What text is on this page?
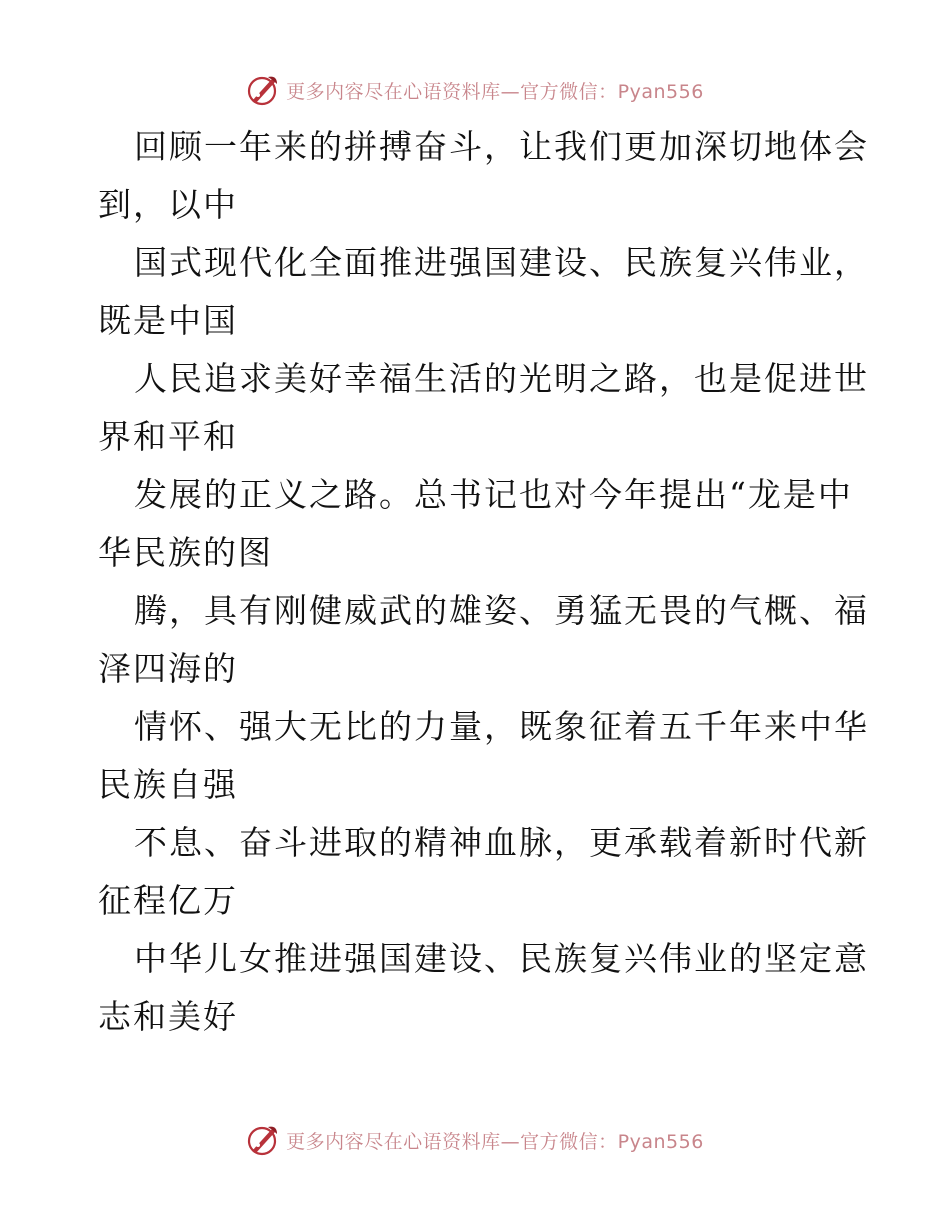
更多内容尽在心语资料库—官方微信：Pyan556
回顾一年来的拼搏奋斗，让我们更加深切地体会
到，以中
国式现代化全面推进强国建设、民族复兴伟业，
既是中国
人民追求美好幸福生活的光明之路，也是促进世
界和平和
发展的正义之路。总书记也对今年提出“龙是中
华民族的图
腾，具有刚健威武的雄姿、勇猛无畏的气概、福
泽四海的
情怀、强大无比的力量，既象征着五千年来中华
民族自强
不息、奋斗进取的精神血脉，更承载着新时代新
征程亿万
中华儿女推进强国建设、民族复兴伟业的坚定意
志和美好
更多内容尽在心语资料库—官方微信：Pyan556
